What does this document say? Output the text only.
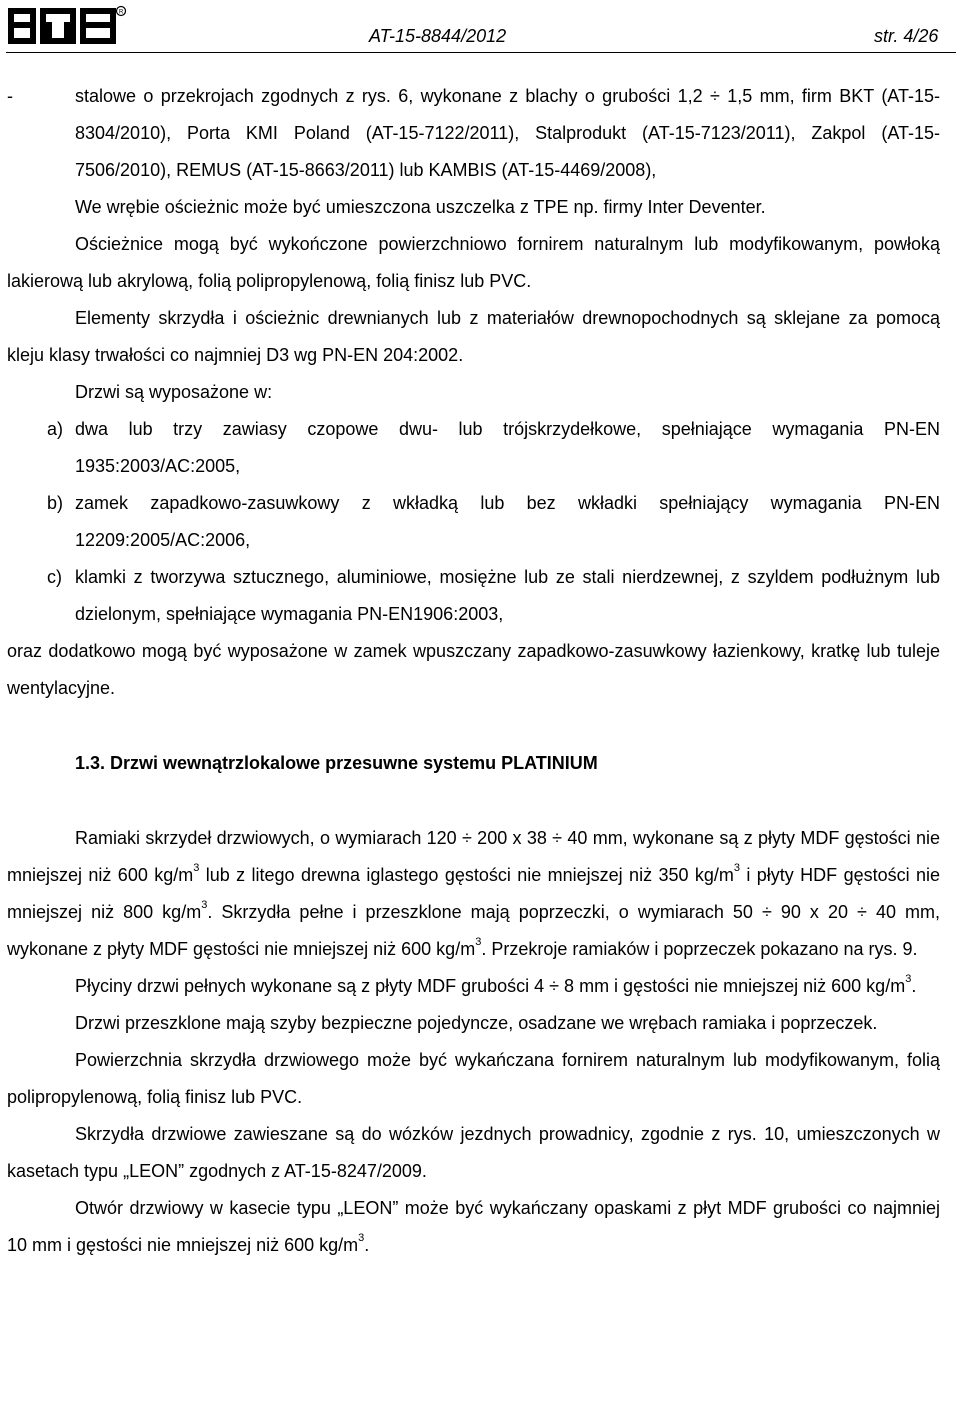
R
AT-15-8844/2012	str. 4/26
-	stalowe o przekrojach zgodnych z rys. 6, wykonane z blachy o grubości 1,2 ÷ 1,5 mm, firm BKT (AT-15-8304/2010), Porta KMI Poland (AT-15-7122/2011), Stalprodukt (AT-15-7123/2011), Zakpol (AT-15-7506/2010), REMUS (AT-15-8663/2011) lub KAMBIS (AT-15-4469/2008),
We wrębie ościeżnic może być umieszczona uszczelka z TPE np. firmy Inter Deventer.
Ościeżnice mogą być wykończone powierzchniowo fornirem naturalnym lub modyfikowanym, powłoką lakierową lub akrylową, folią polipropylenową, folią finisz lub PVC.
Elementy skrzydła i ościeżnic drewnianych lub z materiałów drewnopochodnych są sklejane za pomocą kleju klasy trwałości co najmniej D3 wg PN-EN 204:2002.
Drzwi są wyposażone w:
a) dwa lub trzy zawiasy czopowe dwu- lub trójskrzydełkowe, spełniające wymagania PN-EN 1935:2003/AC:2005,
b) zamek zapadkowo-zasuwkowy z wkładką lub bez wkładki spełniający wymagania PN-EN 12209:2005/AC:2006,
c) klamki z tworzywa sztucznego, aluminiowe, mosiężne lub ze stali nierdzewnej, z szyldem podłużnym lub dzielonym, spełniające wymagania PN-EN1906:2003,
oraz dodatkowo mogą być wyposażone w zamek wpuszczany zapadkowo-zasuwkowy łazienkowy, kratkę lub tuleje wentylacyjne.
1.3. Drzwi wewnątrzlokalowe przesuwne systemu PLATINIUM
Ramiaki skrzydeł drzwiowych, o wymiarach 120 ÷ 200 x 38 ÷ 40 mm, wykonane są z płyty MDF gęstości nie mniejszej niż 600 $kg/m^3$ lub z litego drewna iglastego gęstości nie mniejszej niż 350 $kg/m^3$ i płyty HDF gęstości nie mniejszej niż 800 $kg/m^3$. Skrzydła pełne i przeszklone mają poprzeczki, o wymiarach 50 ÷ 90 x 20 ÷ 40 mm, wykonane z płyty MDF gęstości nie mniejszej niż 600 $kg/m^3$. Przekroje ramiaków i poprzeczek pokazano na rys. 9.
Płyciny drzwi pełnych wykonane są z płyty MDF grubości 4 ÷ 8 mm i gęstości nie mniejszej niż 600 $kg/m^3$.
Drzwi przeszklone mają szyby bezpieczne pojedyncze, osadzane we wrębach ramiaka i poprzeczek.
Powierzchnia skrzydła drzwiowego może być wykańczana fornirem naturalnym lub modyfikowanym, folią polipropylenową, folią finisz lub PVC.
Skrzydła drzwiowe zawieszane są do wózków jezdnych prowadnicy, zgodnie z rys. 10, umieszczonych w kasetach typu „LEON” zgodnych z AT-15-8247/2009.
Otwór drzwiowy w kasecie typu „LEON” może być wykańczany opaskami z płyt MDF grubości co najmniej 10 mm i gęstości nie mniejszej niż 600 $kg/m^3$.
